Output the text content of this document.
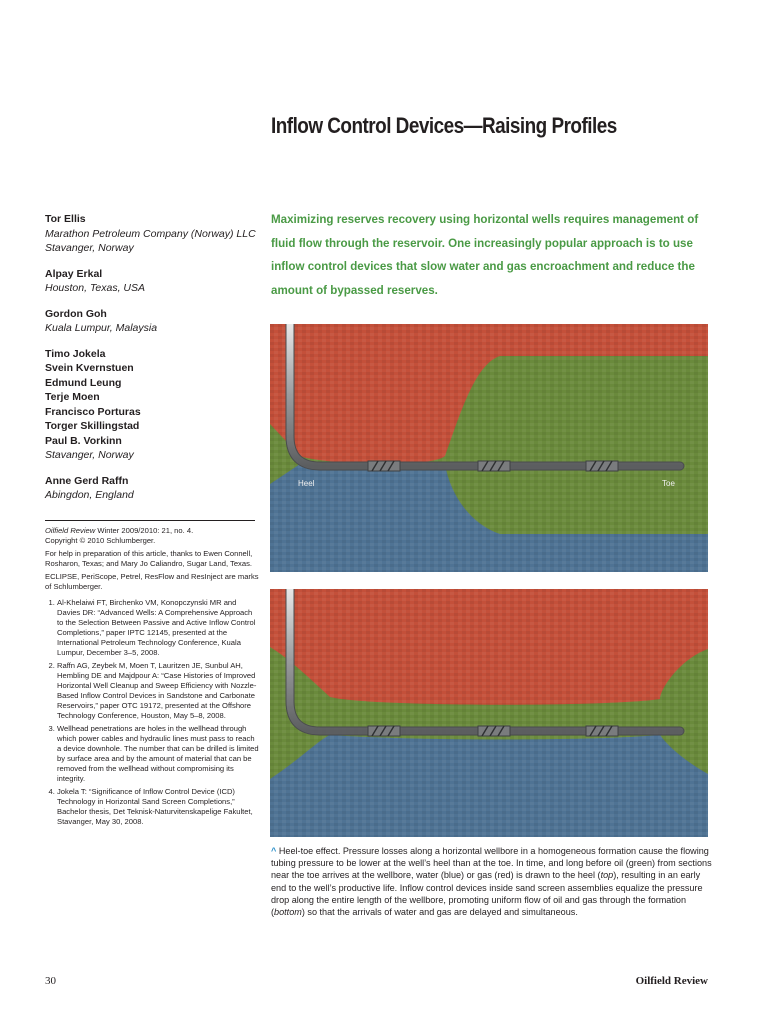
Inflow Control Devices—Raising Profiles
Tor Ellis
Marathon Petroleum Company (Norway) LLC
Stavanger, Norway
Alpay Erkal
Houston, Texas, USA
Gordon Goh
Kuala Lumpur, Malaysia
Timo Jokela
Svein Kvernstuen
Edmund Leung
Terje Moen
Francisco Porturas
Torger Skillingstad
Paul B. Vorkinn
Stavanger, Norway
Anne Gerd Raffn
Abingdon, England

Oilfield Review Winter 2009/2010: 21, no. 4.
Copyright © 2010 Schlumberger.

For help in preparation of this article, thanks to Ewen Connell, Rosharon, Texas; and Mary Jo Caliandro, Sugar Land, Texas.

ECLIPSE, PeriScope, Petrel, ResFlow and ResInject are marks of Schlumberger.

1. Al-Khelaiwi FT, Birchenko VM, Konopczynski MR and Davies DR: “Advanced Wells: A Comprehensive Approach to the Selection Between Passive and Active Inflow Control Completions,” paper IPTC 12145, presented at the International Petroleum Technology Conference, Kuala Lumpur, December 3–5, 2008.
2. Raffn AG, Zeybek M, Moen T, Lauritzen JE, Sunbul AH, Hembling DE and Majdpour A: “Case Histories of Improved Horizontal Well Cleanup and Sweep Efficiency with Nozzle-Based Inflow Control Devices in Sandstone and Carbonate Reservoirs,” paper OTC 19172, presented at the Offshore Technology Conference, Houston, May 5–8, 2008.
3. Wellhead penetrations are holes in the wellhead through which power cables and hydraulic lines must pass to reach a device downhole. The number that can be drilled is limited by surface area and by the amount of material that can be removed from the wellhead without compromising its integrity.
4. Jokela T: “Significance of Inflow Control Device (ICD) Technology in Horizontal Sand Screen Completions,” Bachelor thesis, Det Teknisk-Naturvitenskapelige Fakultet, Stavanger, May 30, 2008.

Maximizing reserves recovery using horizontal wells requires management of fluid flow through the reservoir. One increasingly popular approach is to use inflow control devices that slow water and gas encroachment and reduce the amount of bypassed reserves.

Heel	Toe
^ Heel-toe effect. Pressure losses along a horizontal wellbore in a homogeneous formation cause the flowing tubing pressure to be lower at the well’s heel than at the toe. In time, and long before oil (green) from sections near the toe arrives at the wellbore, water (blue) or gas (red) is drawn to the heel (top), resulting in an early end to the well’s productive life. Inflow control devices inside sand screen assemblies equalize the pressure drop along the entire length of the wellbore, promoting uniform flow of oil and gas through the formation (bottom) so that the arrivals of water and gas are delayed and simultaneous.
30	Oilfield Review
